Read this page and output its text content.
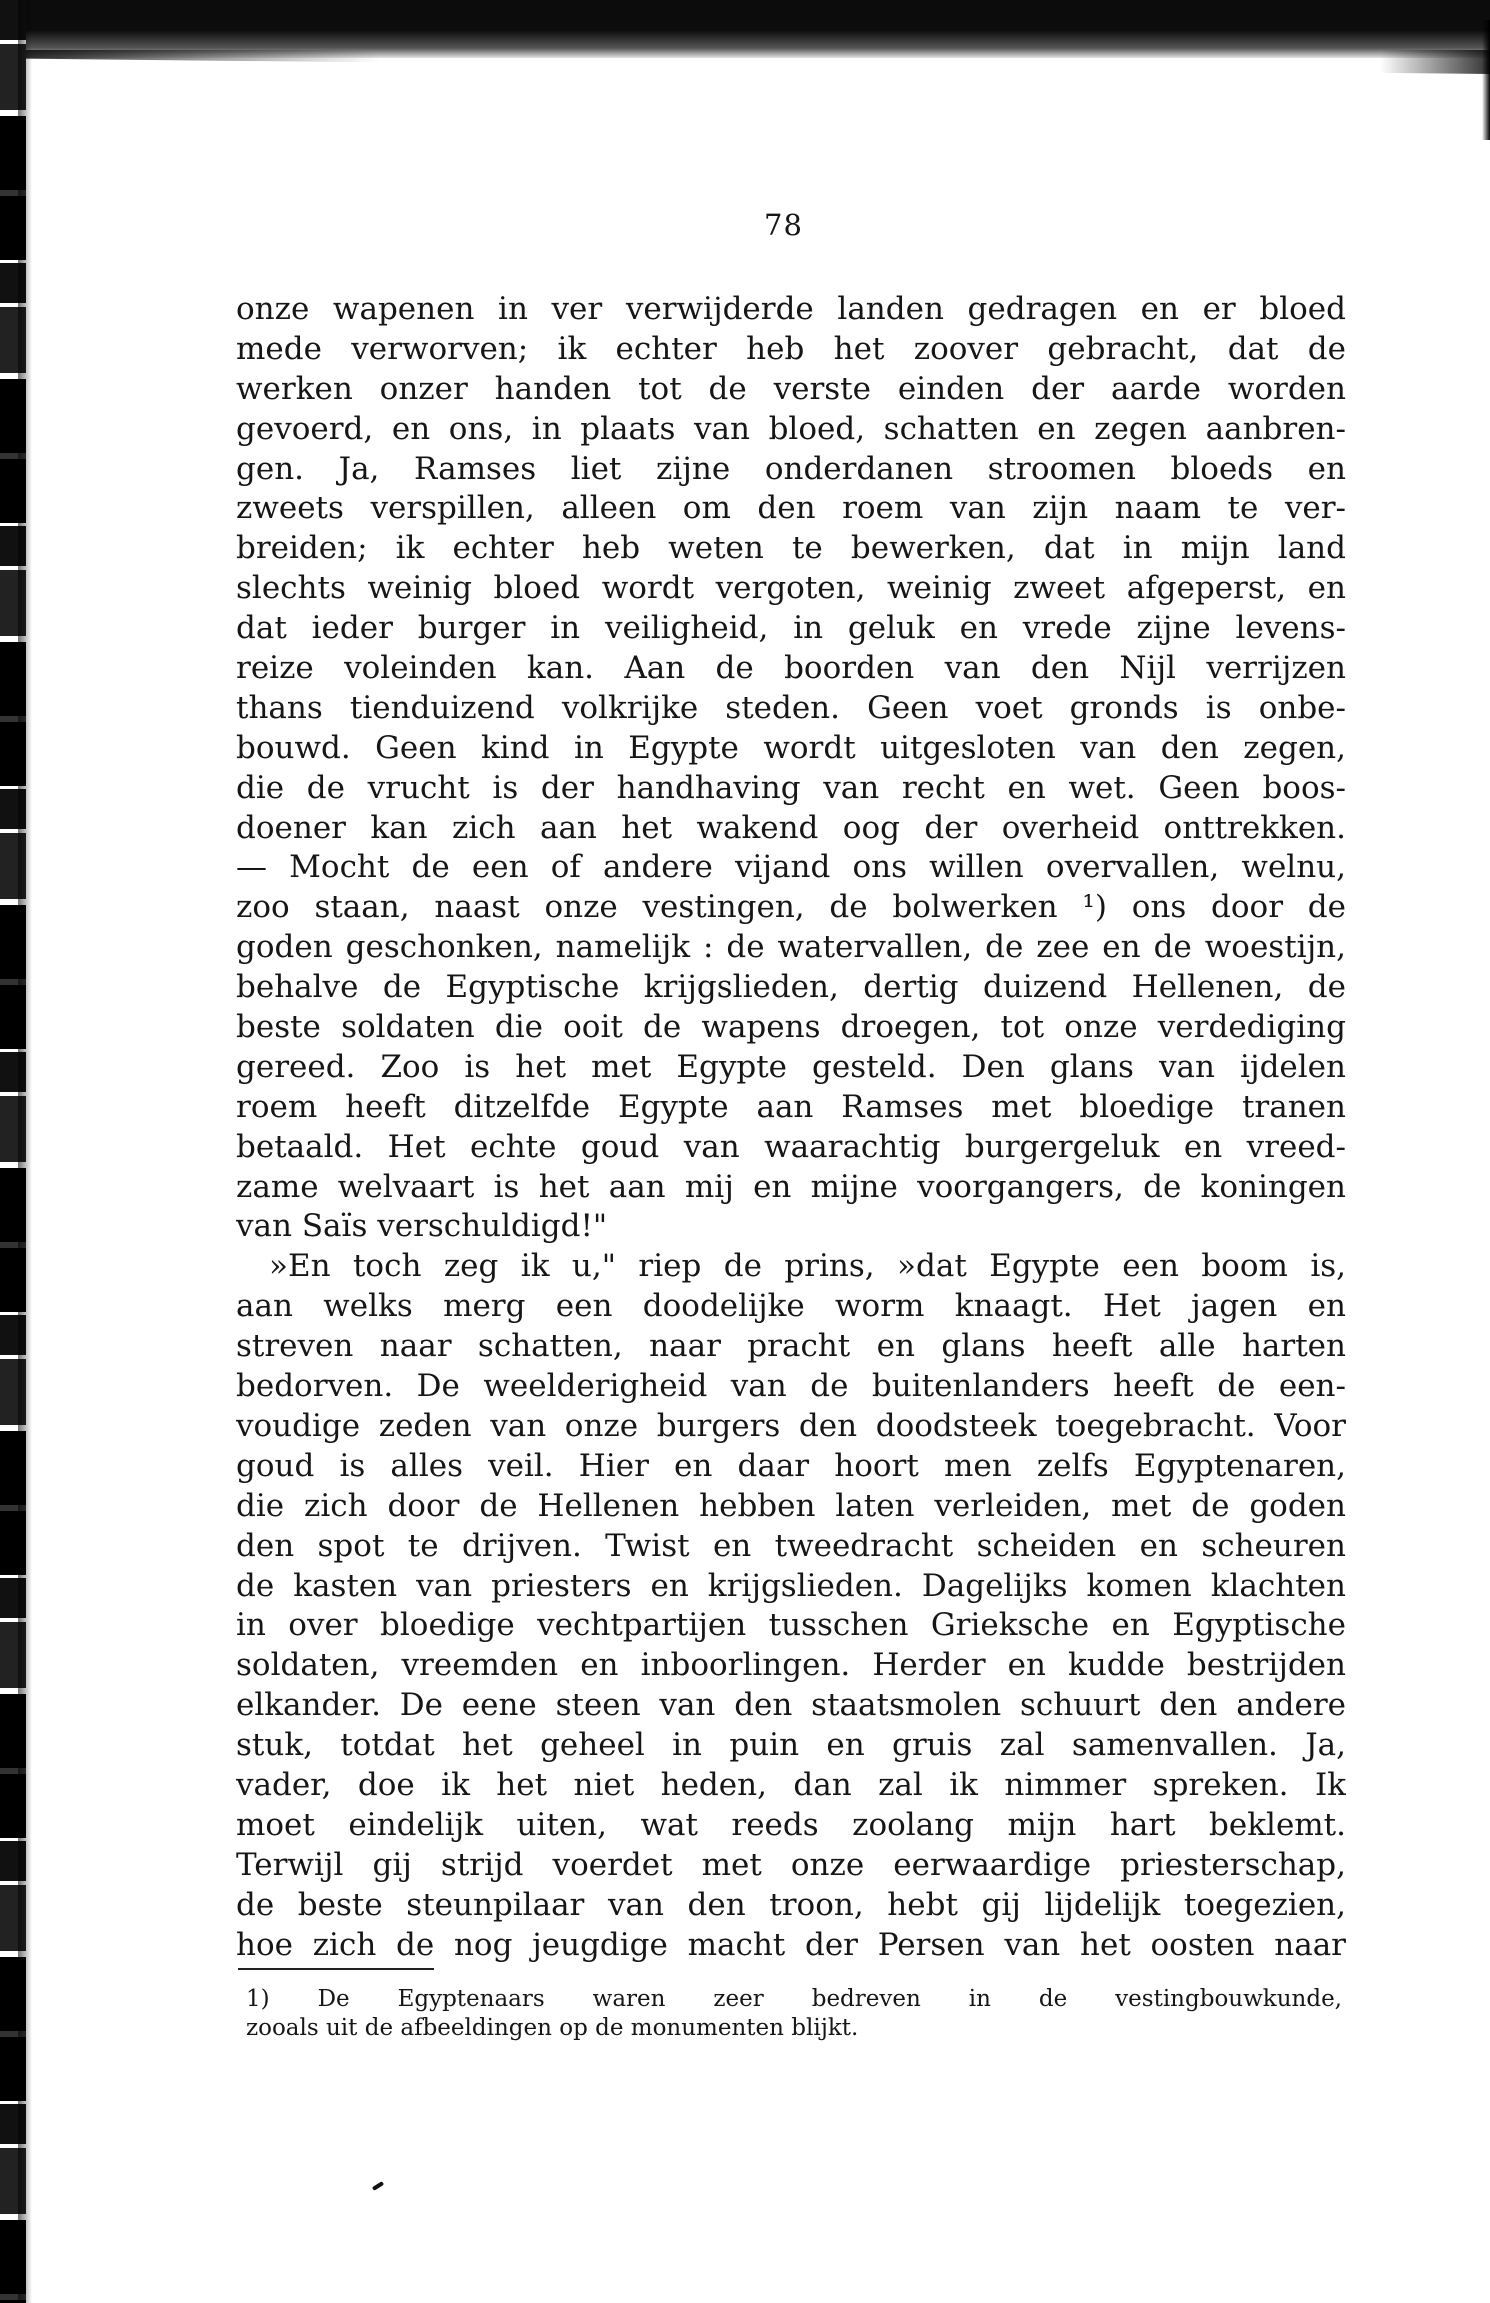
78

onze wapenen in ver verwijderde landen gedragen en er bloed
mede verworven; ik echter heb het zoover gebracht, dat de
werken onzer handen tot de verste einden der aarde worden
gevoerd, en ons, in plaats van bloed, schatten en zegen aanbren-
gen. Ja, Ramses liet zijne onderdanen stroomen bloeds en
zweets verspillen, alleen om den roem van zijn naam te ver-
breiden; ik echter heb weten te bewerken, dat in mijn land
slechts weinig bloed wordt vergoten, weinig zweet afgeperst, en
dat ieder burger in veiligheid, in geluk en vrede zijne levens-
reize voleinden kan. Aan de boorden van den Nijl verrijzen
thans tienduizend volkrijke steden. Geen voet gronds is onbe-
bouwd. Geen kind in Egypte wordt uitgesloten van den zegen,
die de vrucht is der handhaving van recht en wet. Geen boos-
doener kan zich aan het wakend oog der overheid onttrekken.
— Mocht de een of andere vijand ons willen overvallen, welnu,
zoo staan, naast onze vestingen, de bolwerken ¹) ons door de
goden geschonken, namelijk : de watervallen, de zee en de woestijn,
behalve de Egyptische krijgslieden, dertig duizend Hellenen, de
beste soldaten die ooit de wapens droegen, tot onze verdediging
gereed. Zoo is het met Egypte gesteld. Den glans van ijdelen
roem heeft ditzelfde Egypte aan Ramses met bloedige tranen
betaald. Het echte goud van waarachtig burgergeluk en vreed-
zame welvaart is het aan mij en mijne voorgangers, de koningen
van Saïs verschuldigd!"
»En toch zeg ik u," riep de prins, »dat Egypte een boom is,
aan welks merg een doodelijke worm knaagt. Het jagen en
streven naar schatten, naar pracht en glans heeft alle harten
bedorven. De weelderigheid van de buitenlanders heeft de een-
voudige zeden van onze burgers den doodsteek toegebracht. Voor
goud is alles veil. Hier en daar hoort men zelfs Egyptenaren,
die zich door de Hellenen hebben laten verleiden, met de goden
den spot te drijven. Twist en tweedracht scheiden en scheuren
de kasten van priesters en krijgslieden. Dagelijks komen klachten
in over bloedige vechtpartijen tusschen Grieksche en Egyptische
soldaten, vreemden en inboorlingen. Herder en kudde bestrijden
elkander. De eene steen van den staatsmolen schuurt den andere
stuk, totdat het geheel in puin en gruis zal samenvallen. Ja,
vader, doe ik het niet heden, dan zal ik nimmer spreken. Ik
moet eindelijk uiten, wat reeds zoolang mijn hart beklemt.
Terwijl gij strijd voerdet met onze eerwaardige priesterschap,
de beste steunpilaar van den troon, hebt gij lijdelijk toegezien,
hoe zich de nog jeugdige macht der Persen van het oosten naar
1) De Egyptenaars waren zeer bedreven in de vestingbouwkunde,
zooals uit de afbeeldingen op de monumenten blijkt.
